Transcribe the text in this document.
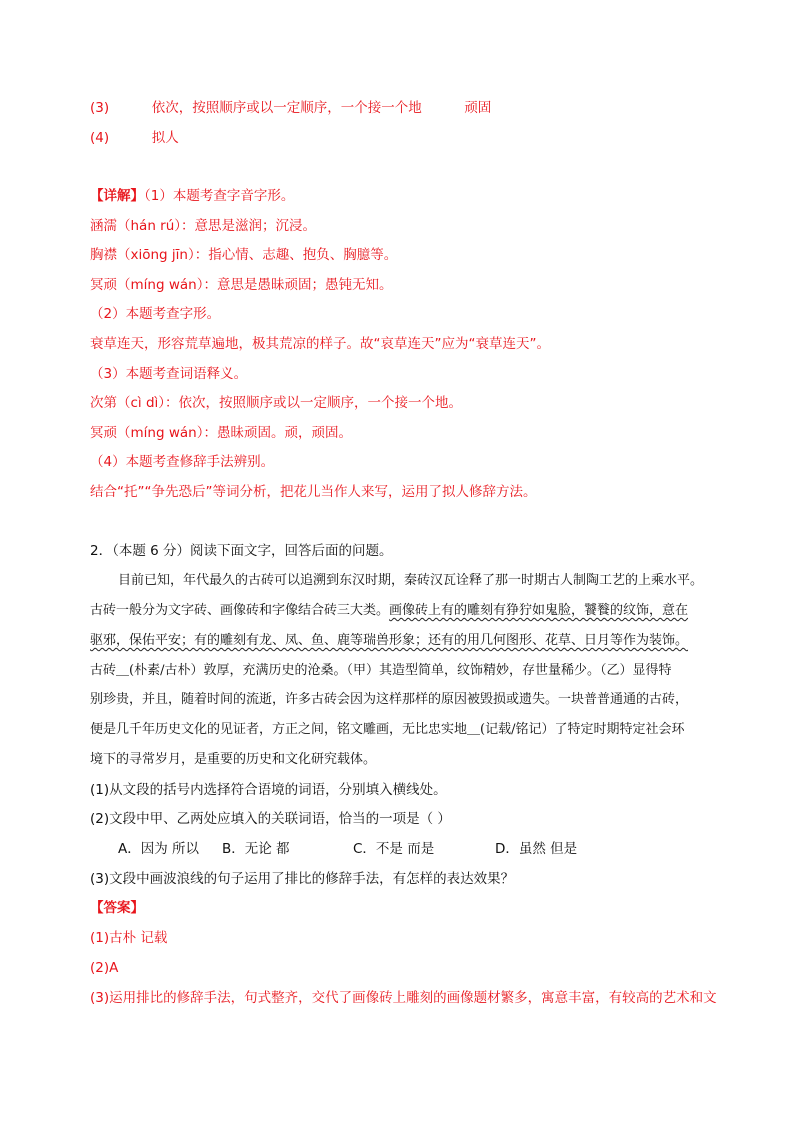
(3)	依次，按照顺序或以一定顺序，一个接一个地	顽固
(4)	拟人
【详解】（1）本题考查字音字形。
涵濡（hán rú）：意思是滋润；沉浸。
胸襟（xiōng jīn）：指心情、志趣、抱负、胸臆等。
冥顽（míng wán）：意思是愚昧顽固；愚钝无知。
（2）本题考查字形。
衰草连天，形容荒草遍地，极其荒凉的样子。故“哀草连天”应为“衰草连天”。
（3）本题考查词语释义。
次第（cì dì）：依次，按照顺序或以一定顺序，一个接一个地。
冥顽（míng wán）：愚昧顽固。顽，顽固。
（4）本题考查修辞手法辨别。
结合“托”“争先恐后”等词分析，把花儿当作人来写，运用了拟人修辞方法。
2．（本题 6 分）阅读下面文字，回答后面的问题。
目前已知，年代最久的古砖可以追溯到东汉时期，秦砖汉瓦诠释了那一时期古人制陶工艺的上乘水平。
古砖一般分为文字砖、画像砖和字像结合砖三大类。画像砖上有的雕刻有狰狞如鬼脸，饕餮的纹饰，意在
驱邪，保佑平安；有的雕刻有龙、凤、鱼、鹿等瑞兽形象；还有的用几何图形、花草、日月等作为装饰。
古砖＿(朴素/古朴）敦厚，充满历史的沧桑。（甲）其造型简单，纹饰精妙，存世量稀少。（乙）显得特
别珍贵，并且，随着时间的流逝，许多古砖会因为这样那样的原因被毁损或遗失。一块普普通通的古砖，
便是几千年历史文化的见证者，方正之间，铭文雕画，无比忠实地＿(记载/铭记）了特定时期特定社会环
境下的寻常岁月，是重要的历史和文化研究载体。
(1)从文段的括号内选择符合语境的词语，分别填入横线处。
(2)文段中甲、乙两处应填入的关联词语，恰当的一项是（ ）
A．因为 所以 B．无论 都	C．不是 而是	D．虽然 但是
(3)文段中画波浪线的句子运用了排比的修辞手法，有怎样的表达效果？
【答案】
(1)古朴 记载
(2)A
(3)运用排比的修辞手法，句式整齐，交代了画像砖上雕刻的画像题材繁多，寓意丰富，有较高的艺术和文
